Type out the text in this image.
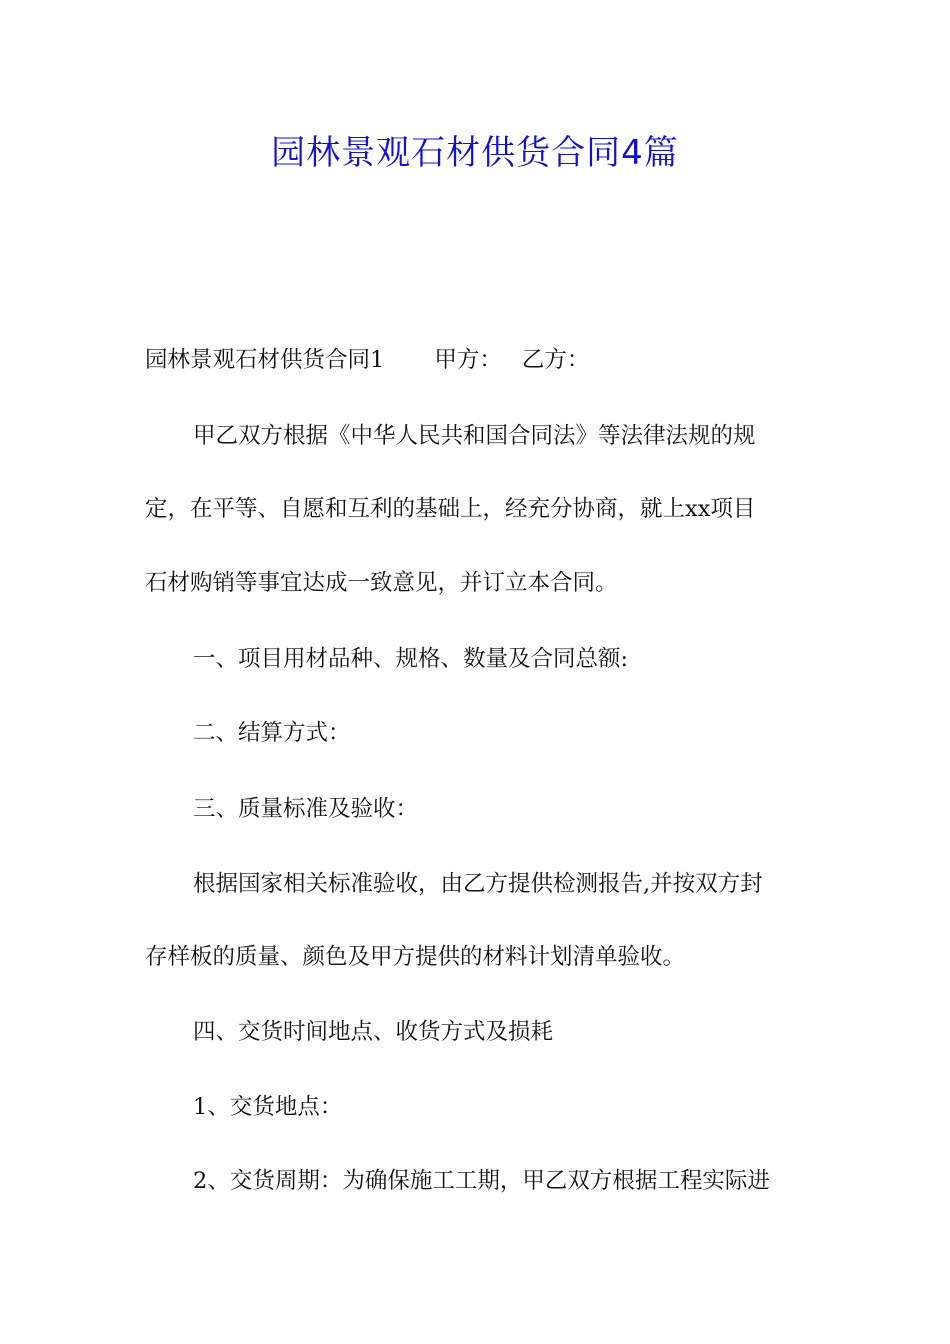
园林景观石材供货合同4篇
园林景观石材供货合同1 甲方： 乙方：
甲乙双方根据《中华人民共和国合同法》等法律法规的规
定，在平等、自愿和互利的基础上，经充分协商，就上xx项目
石材购销等事宜达成一致意见，并订立本合同。
一、项目用材品种、规格、数量及合同总额:
二、结算方式：
三、质量标准及验收：
根据国家相关标准验收，由乙方提供检测报告,并按双方封
存样板的质量、颜色及甲方提供的材料计划清单验收。
四、交货时间地点、收货方式及损耗
1、交货地点：
2、交货周期：为确保施工工期，甲乙双方根据工程实际进
